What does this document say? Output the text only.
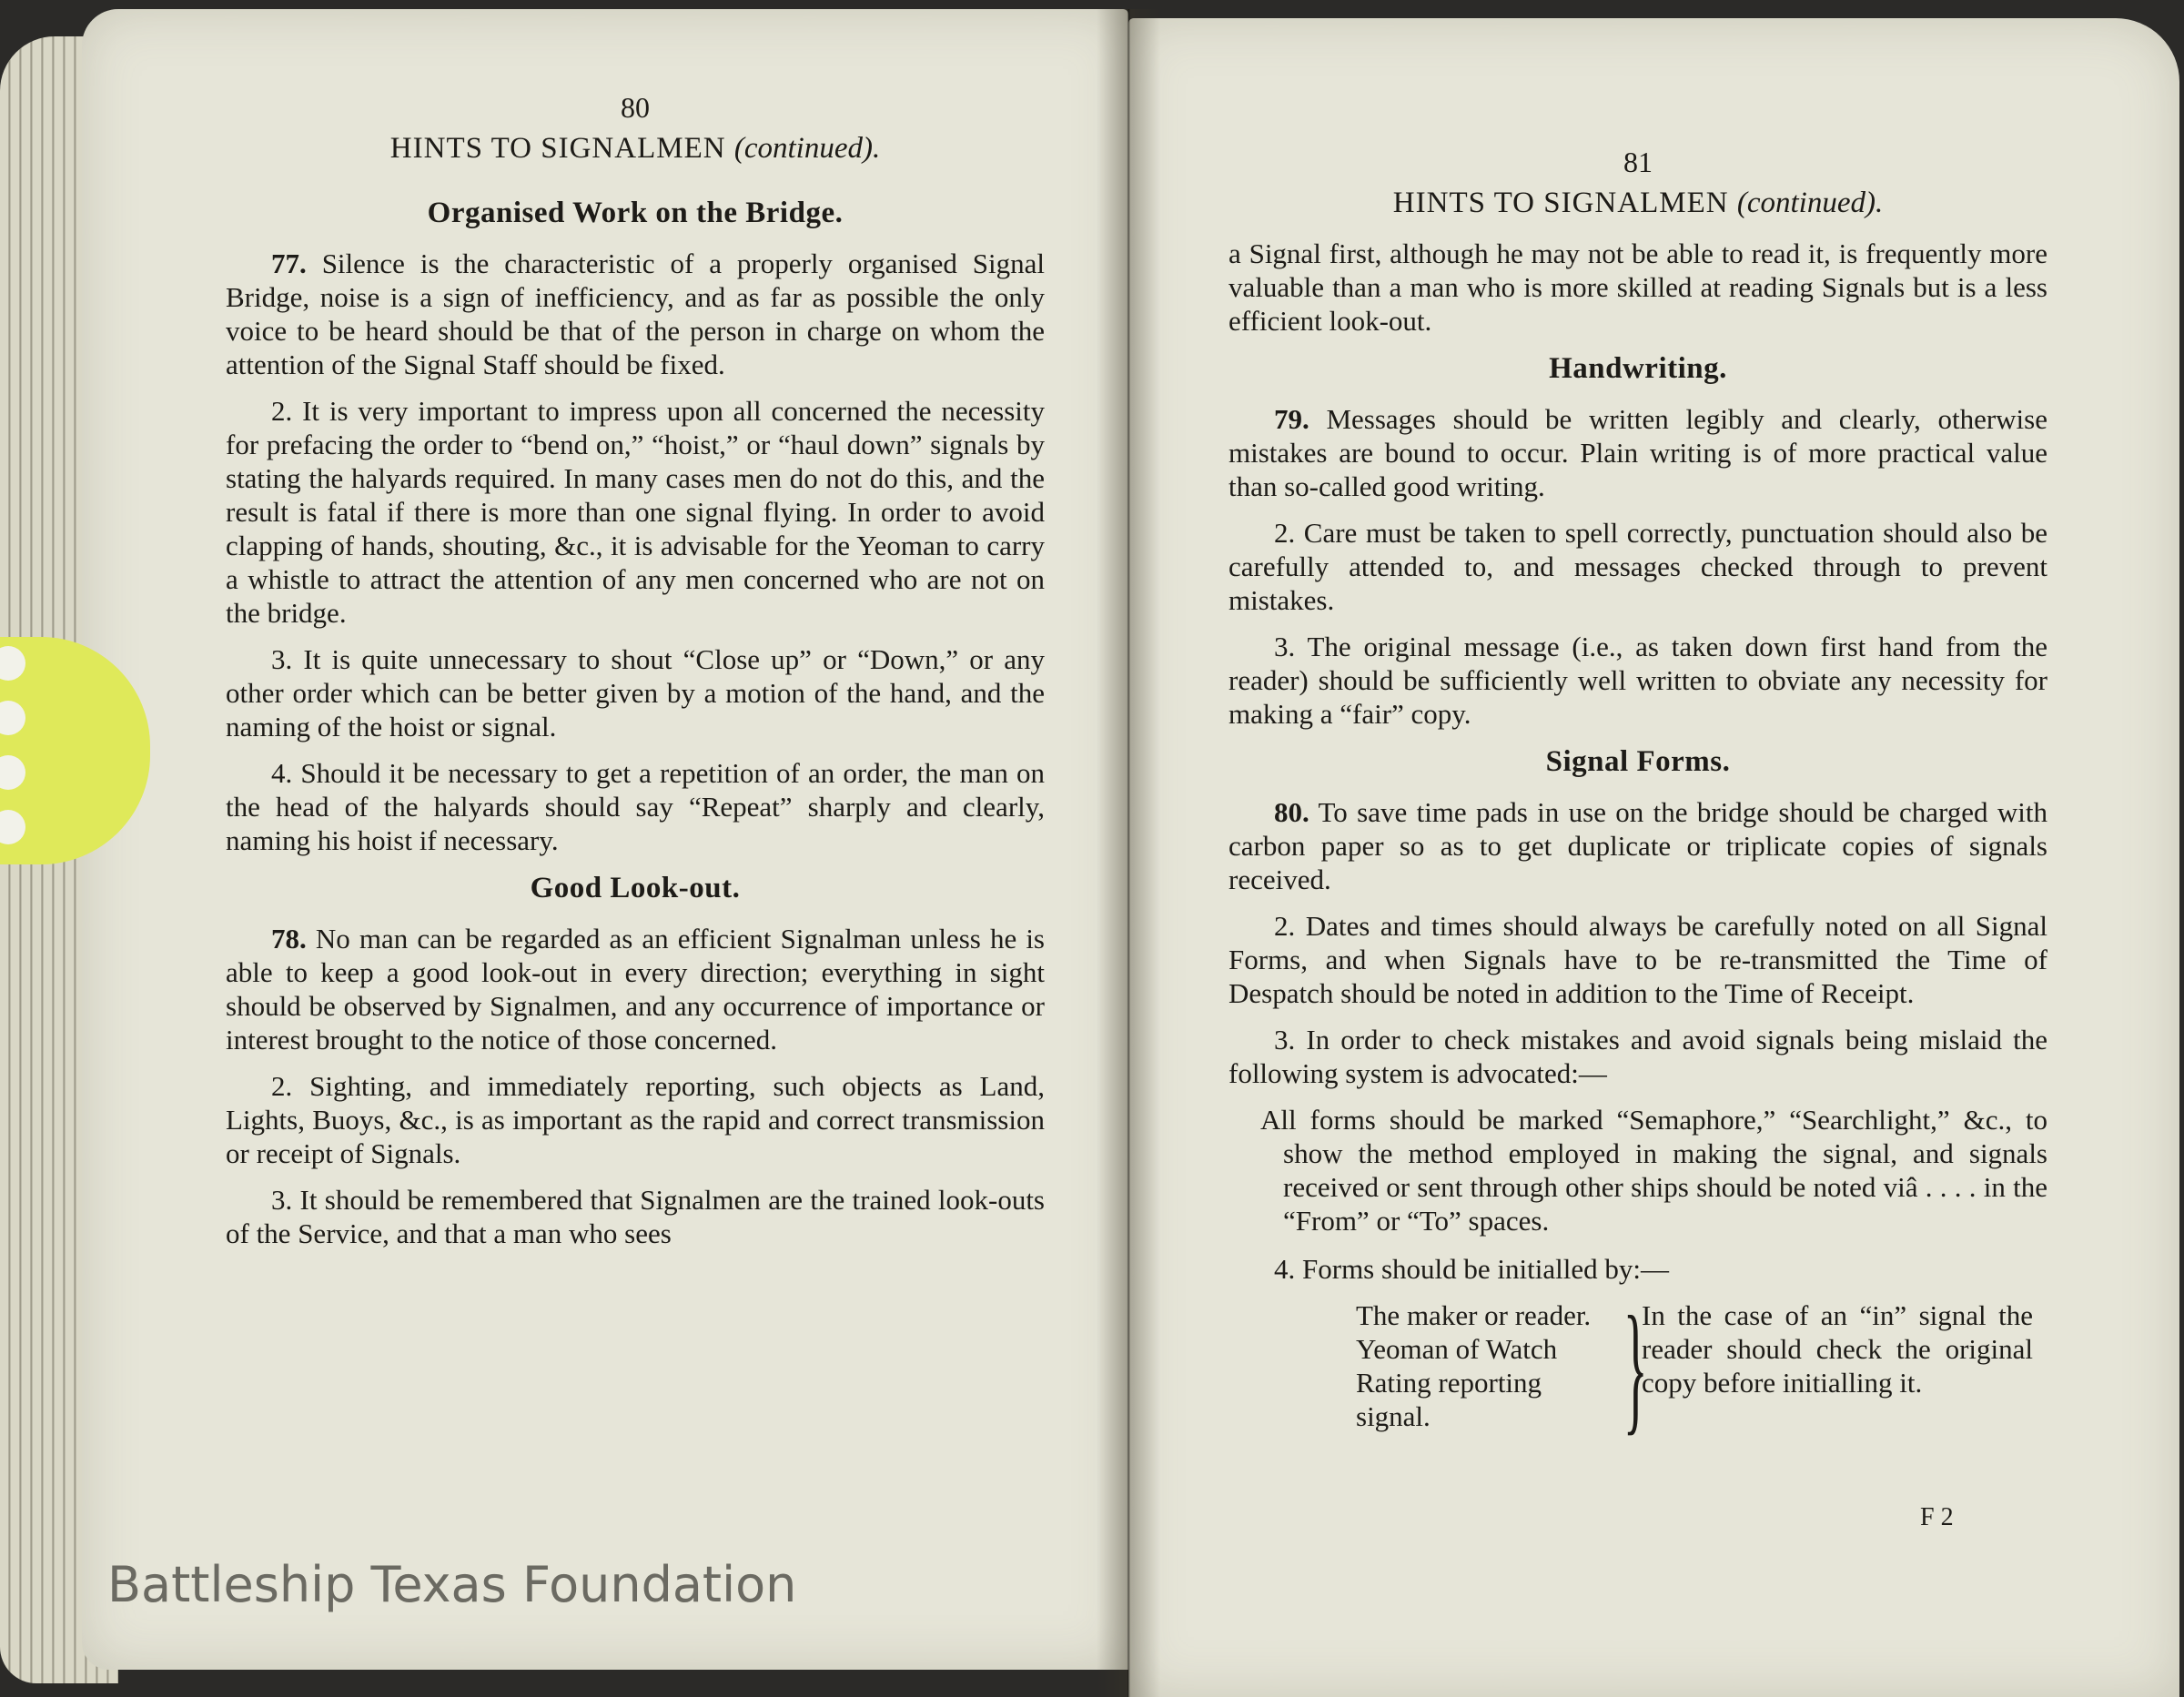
80
HINTS TO SIGNALMEN (continued).
Organised Work on the Bridge.

77. Silence is the characteristic of a properly organised Signal Bridge, noise is a sign of inefficiency, and as far as possible the only voice to be heard should be that of the person in charge on whom the attention of the Signal Staff should be fixed.

2. It is very important to impress upon all concerned the necessity for prefacing the order to “bend on,” “hoist,” or “haul down” signals by stating the halyards required. In many cases men do not do this, and the result is fatal if there is more than one signal flying. In order to avoid clapping of hands, shouting, &c., it is advisable for the Yeoman to carry a whistle to attract the attention of any men concerned who are not on the bridge.

3. It is quite unnecessary to shout “Close up” or “Down,” or any other order which can be better given by a motion of the hand, and the naming of the hoist or signal.

4. Should it be necessary to get a repetition of an order, the man on the head of the halyards should say “Repeat” sharply and clearly, naming his hoist if necessary.

Good Look-out.

78. No man can be regarded as an efficient Signalman unless he is able to keep a good look-out in every direction; everything in sight should be observed by Signalmen, and any occurrence of importance or interest brought to the notice of those concerned.

2. Sighting, and immediately reporting, such objects as Land, Lights, Buoys, &c., is as important as the rapid and correct transmission or receipt of Signals.

3. It should be remembered that Signalmen are the trained look-outs of the Service, and that a man who sees

81
HINTS TO SIGNALMEN (continued).

a Signal first, although he may not be able to read it, is frequently more valuable than a man who is more skilled at reading Signals but is a less efficient look-out.

Handwriting.

79. Messages should be written legibly and clearly, otherwise mistakes are bound to occur. Plain writing is of more practical value than so-called good writing.

2. Care must be taken to spell correctly, punctuation should also be carefully attended to, and messages checked through to prevent mistakes.

3. The original message (i.e., as taken down first hand from the reader) should be sufficiently well written to obviate any necessity for making a “fair” copy.

Signal Forms.

80. To save time pads in use on the bridge should be charged with carbon paper so as to get duplicate or triplicate copies of signals received.

2. Dates and times should always be carefully noted on all Signal Forms, and when Signals have to be re-transmitted the Time of Despatch should be noted in addition to the Time of Receipt.

3. In order to check mistakes and avoid signals being mislaid the following system is advocated:—

All forms should be marked “Semaphore,” “Searchlight,” &c., to show the method employed in making the signal, and signals received or sent through other ships should be noted viâ . . . . in the “From” or “To” spaces.

4. Forms should be initialled by:—

The maker or reader.
Yeoman of Watch
Rating reporting signal.	}
In the case of an “in” signal the reader should check the original copy before initialling it.
F 2
Battleship Texas Foundation
